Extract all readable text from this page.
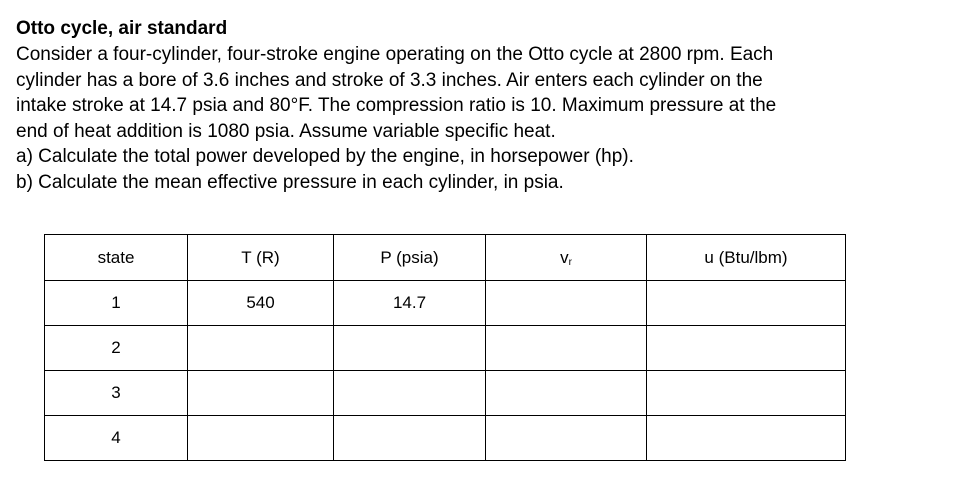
Otto cycle, air standard

Consider a four-cylinder, four-stroke engine operating on the Otto cycle at 2800 rpm. Each
cylinder has a bore of 3.6 inches and stroke of 3.3 inches. Air enters each cylinder on the
intake stroke at 14.7 psia and 80°F. The compression ratio is 10. Maximum pressure at the
end of heat addition is 1080 psia. Assume variable specific heat.
a) Calculate the total power developed by the engine, in horsepower (hp).
b) Calculate the mean effective pressure in each cylinder, in psia.

state	T (R)	P (psia)	$v_r$	u (Btu/lbm)
1	540	14.7		
2				
3				
4				
